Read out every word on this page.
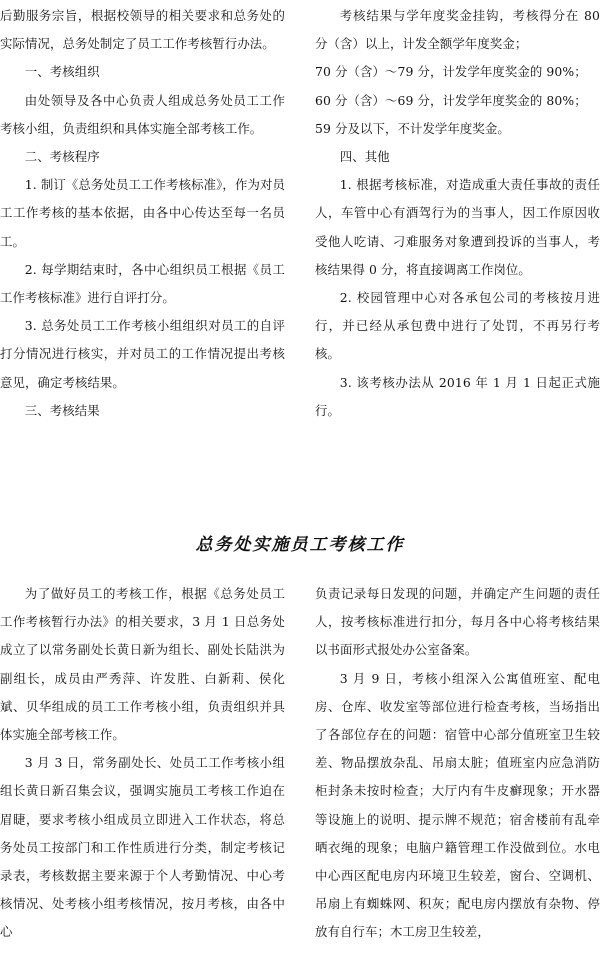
后勤服务宗旨，根据校领导的相关要求和总务处的实际情况，总务处制定了员工工作考核暂行办法。

一、考核组织

由处领导及各中心负责人组成总务处员工工作考核小组，负责组织和具体实施全部考核工作。

二、考核程序

1. 制订《总务处员工工作考核标准》，作为对员工工作考核的基本依据，由各中心传达至每一名员工。

2. 每学期结束时，各中心组织员工根据《员工工作考核标准》进行自评打分。

3. 总务处员工工作考核小组组织对员工的自评打分情况进行核实，并对员工的工作情况提出考核意见，确定考核结果。

三、考核结果

考核结果与学年度奖金挂钩，考核得分在 80 分（含）以上，计发全额学年度奖金；

70 分（含）～79 分，计发学年度奖金的 90%；

60 分（含）～69 分，计发学年度奖金的 80%；

59 分及以下，不计发学年度奖金。

四、其他

1. 根据考核标准，对造成重大责任事故的责任人，车管中心有酒驾行为的当事人，因工作原因收受他人吃请、刁难服务对象遭到投诉的当事人，考核结果得 0 分，将直接调离工作岗位。

2. 校园管理中心对各承包公司的考核按月进行，并已经从承包费中进行了处罚，不再另行考核。

3. 该考核办法从 2016 年 1 月 1 日起正式施行。

总务处实施员工考核工作

为了做好员工的考核工作，根据《总务处员工工作考核暂行办法》的相关要求，3 月 1 日总务处成立了以常务副处长黄日新为组长、副处长陆洪为副组长，成员由严秀萍、许发胜、白新莉、侯化斌、贝华组成的员工工作考核小组，负责组织并具体实施全部考核工作。

3 月 3 日，常务副处长、处员工工作考核小组组长黄日新召集会议，强调实施员工考核工作迫在眉睫，要求考核小组成员立即进入工作状态，将总务处员工按部门和工作性质进行分类，制定考核记录表，考核数据主要来源于个人考勤情况、中心考核情况、处考核小组考核情况，按月考核，由各中心

负责记录每日发现的问题，并确定产生问题的责任人，按考核标准进行扣分，每月各中心将考核结果以书面形式报处办公室备案。

3 月 9 日，考核小组深入公寓值班室、配电房、仓库、收发室等部位进行检查考核，当场指出了各部位存在的问题：宿管中心部分值班室卫生较差、物品摆放杂乱、吊扇太脏；值班室内应急消防柜封条未按时检查；大厅内有牛皮癣现象；开水器等设施上的说明、提示牌不规范；宿舍楼前有乱牵晒衣绳的现象；电脑户籍管理工作没做到位。水电中心西区配电房内环境卫生较差，窗台、空调机、吊扇上有蜘蛛网、积灰；配电房内摆放有杂物、停放有自行车；木工房卫生较差，
